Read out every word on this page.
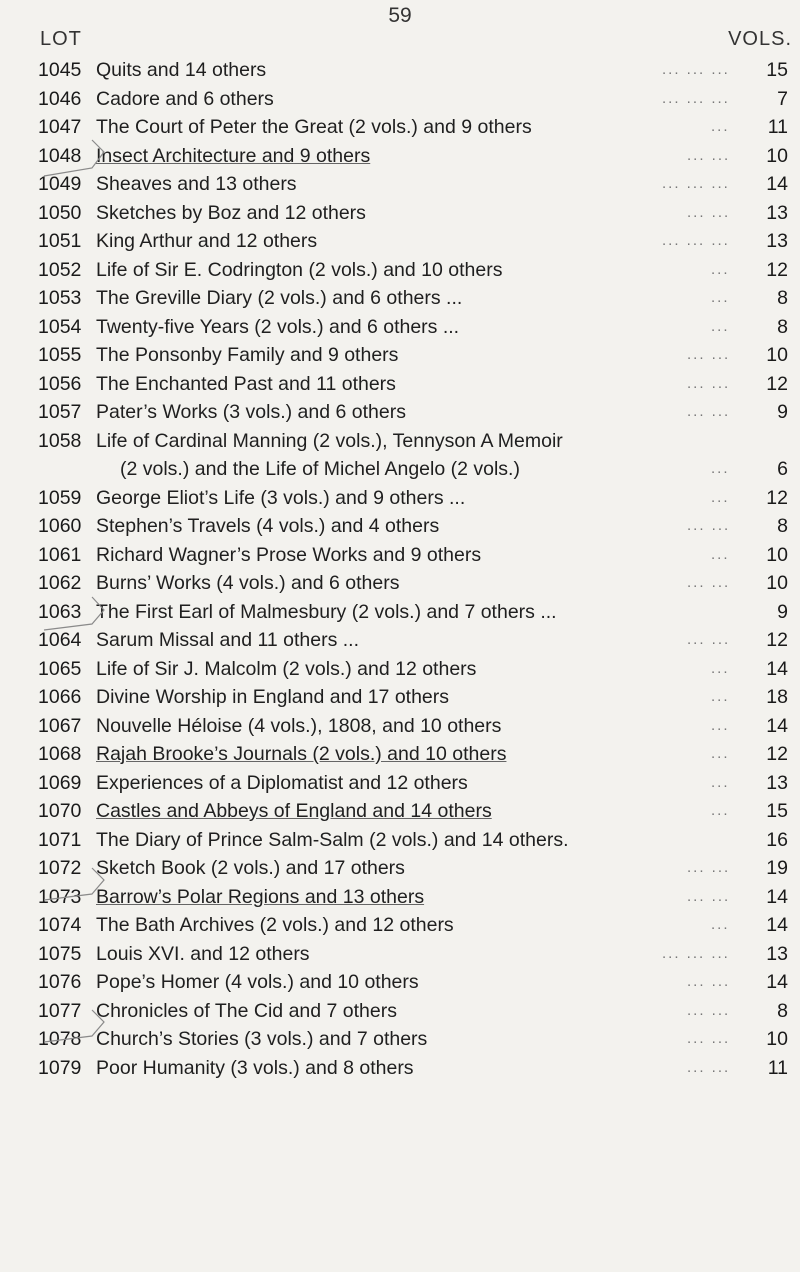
59
LOT	VOLS.
1045 Quits and 14 others	... ... ...	15
1046 Cadore and 6 others	... ... ...	7
1047 The Court of Peter the Great (2 vols.) and 9 others	...	11
1048 Insect Architecture and 9 others	... ...	10
1049 Sheaves and 13 others	... ... ...	14
1050 Sketches by Boz and 12 others	... ...	13
1051 King Arthur and 12 others	... ... ...	13
1052 Life of Sir E. Codrington (2 vols.) and 10 others	...	12
1053 The Greville Diary (2 vols.) and 6 others ...	...	8
1054 Twenty-five Years (2 vols.) and 6 others ...	...	8
1055 The Ponsonby Family and 9 others	... ...	10
1056 The Enchanted Past and 11 others	... ...	12
1057 Pater’s Works (3 vols.) and 6 others	... ...	9
1058 Life of Cardinal Manning (2 vols.), Tennyson A Memoir
(2 vols.) and the Life of Michel Angelo (2 vols.)	...	6
1059 George Eliot’s Life (3 vols.) and 9 others ...	...	12
1060 Stephen’s Travels (4 vols.) and 4 others	... ...	8
1061 Richard Wagner’s Prose Works and 9 others	...	10
1062 Burns’ Works (4 vols.) and 6 others	... ...	10
1063 The First Earl of Malmesbury (2 vols.) and 7 others ...	9
1064 Sarum Missal and 11 others ...	... ...	12
1065 Life of Sir J. Malcolm (2 vols.) and 12 others	...	14
1066 Divine Worship in England and 17 others	...	18
1067 Nouvelle Héloise (4 vols.), 1808, and 10 others	...	14
1068 Rajah Brooke’s Journals (2 vols.) and 10 others	...	12
1069 Experiences of a Diplomatist and 12 others	...	13
1070 Castles and Abbeys of England and 14 others	...	15
1071 The Diary of Prince Salm-Salm (2 vols.) and 14 others.	16
1072 Sketch Book (2 vols.) and 17 others	... ...	19
1073 Barrow’s Polar Regions and 13 others	... ...	14
1074 The Bath Archives (2 vols.) and 12 others	...	14
1075 Louis XVI. and 12 others	... ... ...	13
1076 Pope’s Homer (4 vols.) and 10 others	... ...	14
1077 Chronicles of The Cid and 7 others	... ...	8
1078 Church’s Stories (3 vols.) and 7 others	... ...	10
1079 Poor Humanity (3 vols.) and 8 others	... ...	11
